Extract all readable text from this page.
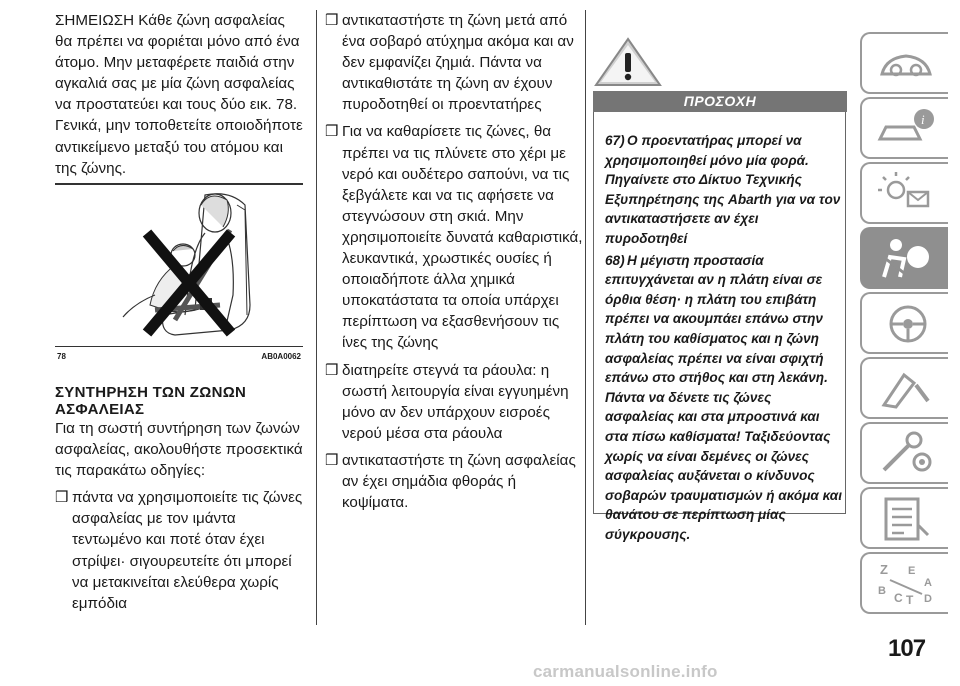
ΣΗΜΕΙΩΣΗ Κάθε ζώνη ασφαλείας θα πρέπει να φοριέται μόνο από ένα άτομο. Μην μεταφέρετε παιδιά στην αγκαλιά σας με μία ζώνη ασφαλείας να προστατεύει και τους δύο εικ. 78. Γενικά, μην τοποθετείτε οποιοδήποτε αντικείμενο μεταξύ του ατόμου και της ζώνης.

78	AB0A0062
ΣΥΝΤΗΡΗΣΗ ΤΩΝ ΖΩΝΩΝ
ΑΣΦΑΛΕΙΑΣ

Για τη σωστή συντήρηση των ζωνών ασφαλείας, ακολουθήστε προσεκτικά τις παρακάτω οδηγίες:

❒ πάντα να χρησιμοποιείτε τις ζώνες ασφαλείας με τον ιμάντα τεντωμένο και ποτέ όταν έχει στρίψει· σιγουρευτείτε ότι μπορεί να μετακινείται ελεύθερα χωρίς εμπόδια
❒ αντικαταστήστε τη ζώνη μετά από ένα σοβαρό ατύχημα ακόμα και αν δεν εμφανίζει ζημιά. Πάντα να αντικαθιστάτε τη ζώνη αν έχουν πυροδοτηθεί οι προεντατήρες
❒ Για να καθαρίσετε τις ζώνες, θα πρέπει να τις πλύνετε στο χέρι με νερό και ουδέτερο σαπούνι, να τις ξεβγάλετε και να τις αφήσετε να στεγνώσουν στη σκιά. Μην χρησιμοποιείτε δυνατά καθαριστικά, λευκαντικά, χρωστικές ουσίες ή οποιαδήποτε άλλα χημικά υποκατάστατα τα οποία υπάρχει περίπτωση να εξασθενήσουν τις ίνες της ζώνης
❒ διατηρείτε στεγνά τα ράουλα: η σωστή λειτουργία είναι εγγυημένη μόνο αν δεν υπάρχουν εισροές νερού μέσα στα ράουλα
❒ αντικαταστήστε τη ζώνη ασφαλείας αν έχει σημάδια φθοράς ή κοψίματα.
ΠΡΟΣΟΧΗ
67) Ο προεντατήρας μπορεί να χρησιμοποιηθεί μόνο μία φορά. Πηγαίνετε στο Δίκτυο Τεχνικής Εξυπηρέτησης της Abarth για να τον αντικαταστήσετε αν έχει πυροδοτηθεί
68) Η μέγιστη προστασία επιτυγχάνεται αν η πλάτη είναι σε όρθια θέση· η πλάτη του επιβάτη πρέπει να ακουμπάει επάνω στην πλάτη του καθίσματος και η ζώνη ασφαλείας πρέπει να είναι σφιχτή επάνω στο στήθος και στη λεκάνη. Πάντα να δένετε τις ζώνες ασφαλείας και στα μπροστινά και στα πίσω καθίσματα! Ταξιδεύοντας χωρίς να είναι δεμένες οι ζώνες ασφαλείας αυξάνεται ο κίνδυνος σοβαρών τραυματισμών ή ακόμα και θανάτου σε περίπτωση μίας σύγκρουσης.
i
Z E
A
B C T D
107
carmanualsonline.info
